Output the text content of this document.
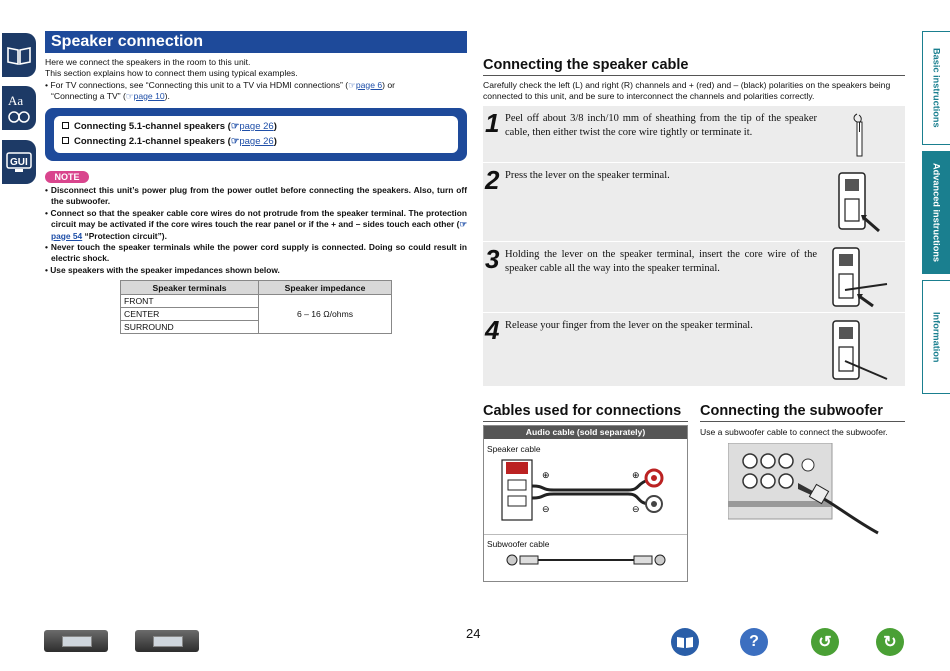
Aa
GUI
Speaker connection
Here we connect the speakers in the room to this unit.
This section explains how to connect them using typical examples.
• For TV connections, see “Connecting this unit to a TV via HDMI connections” (☞page 6) or
“Connecting a TV” (☞page 10).
Connecting 5.1-channel speakers (☞page 26)
Connecting 2.1-channel speakers (☞page 26)
NOTE
• Disconnect this unit’s power plug from the power outlet before connecting the speakers. Also, turn off the subwoofer.
• Connect so that the speaker cable core wires do not protrude from the speaker terminal. The protection circuit may be activated if the core wires touch the rear panel or if the + and – sides touch each other (☞page 54 “Protection circuit”).
• Never touch the speaker terminals while the power cord supply is connected. Doing so could result in electric shock.
• Use speakers with the speaker impedances shown below.
Speaker terminals	Speaker impedance
FRONT	6 – 16 Ω/ohms
CENTER	
SURROUND	
Connecting the speaker cable
Carefully check the left (L) and right (R) channels and + (red) and – (black) polarities on the speakers being connected to this unit, and be sure to interconnect the channels and polarities correctly.
1 Peel off about 3/8 inch/10 mm of sheathing from the tip of the speaker cable, then either twist the core wire tightly or terminate it.
2 Press the lever on the speaker terminal.
3 Holding the lever on the speaker terminal, insert the core wire of the speaker cable all the way into the speaker terminal.
4 Release your finger from the lever on the speaker terminal.
Cables used for connections
Audio cable (sold separately)
Speaker cable
⊕
⊖
⊕
⊖
Subwoofer cable
Connecting the subwoofer
Use a subwoofer cable to connect the subwoofer.
Basic instructions
Advanced instructions
Information
24	?	↺	↻
